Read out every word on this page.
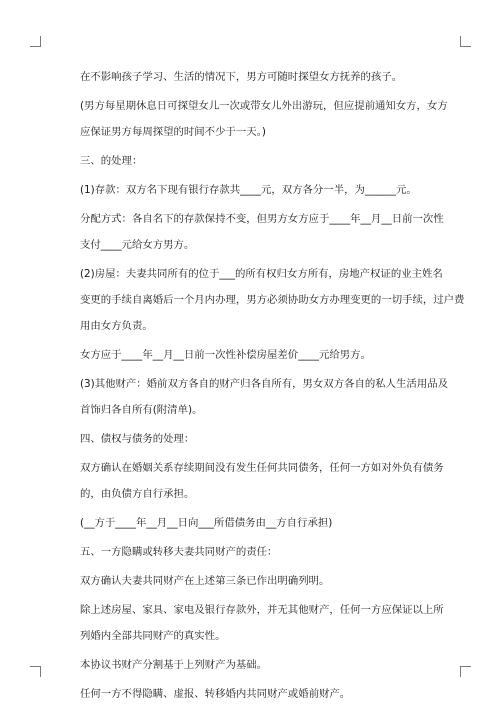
在不影响孩子学习、生活的情况下，男方可随时探望女方抚养的孩子。
(男方每星期休息日可探望女儿一次或带女儿外出游玩，但应提前通知女方，女方
应保证男方每周探望的时间不少于一天。)
三、的处理：
(1)存款：双方名下现有银行存款共____元，双方各分一半，为______元。
分配方式：各自名下的存款保持不变，但男方女方应于____年__月__日前一次性
支付____元给女方男方。
(2)房屋：夫妻共同所有的位于___的所有权归女方所有，房地产权证的业主姓名
变更的手续自离婚后一个月内办理，男方必须协助女方办理变更的一切手续，过户费
用由女方负责。
女方应于____年__月__日前一次性补偿房屋差价____元给男方。
(3)其他财产：婚前双方各自的财产归各自所有，男女双方各自的私人生活用品及
首饰归各自所有(附清单)。
四、债权与债务的处理：
双方确认在婚姻关系存续期间没有发生任何共同债务，任何一方如对外负有债务
的，由负债方自行承担。
(__方于____年__月__日向___所借债务由__方自行承担)
五、一方隐瞒或转移夫妻共同财产的责任：
双方确认夫妻共同财产在上述第三条已作出明确列明。
除上述房屋、家具、家电及银行存款外，并无其他财产，任何一方应保证以上所
列婚内全部共同财产的真实性。
本协议书财产分割基于上列财产为基础。
任何一方不得隐瞒、虚报、转移婚内共同财产或婚前财产。
